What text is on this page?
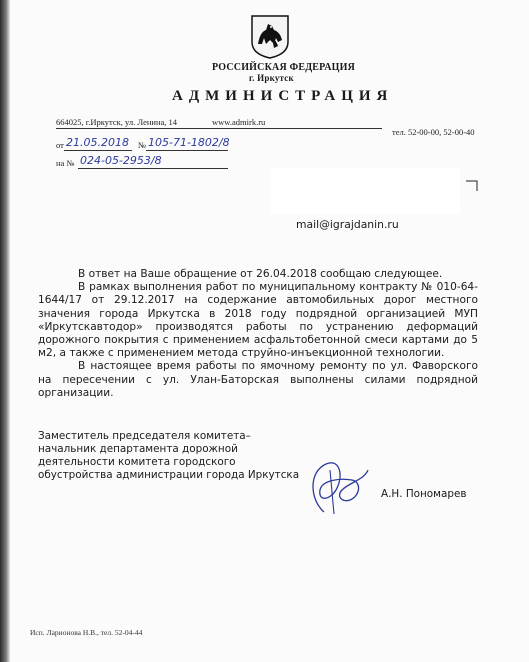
РОССИЙСКАЯ ФЕДЕРАЦИЯ
г. Иркутск
АДМИНИСТРАЦИЯ
664025, г.Иркутск, ул. Ленина, 14	www.admirk.ru
тел. 52-00-00, 52-00-40
от 21.05.2018 № 105-71-1802/8
на № 024-05-2953/8
mail@igrajdanin.ru

В ответ на Ваше обращение от 26.04.2018 сообщаю следующее.

В рамках выполнения работ по муниципальному контракту № 010-64-1644/17 от 29.12.2017 на содержание автомобильных дорог местного значения города Иркутска в 2018 году подрядной организацией МУП «Иркутскавтодор» производятся работы по устранению деформаций дорожного покрытия с применением асфальтобетонной смеси картами до 5 м2, а также с применением метода струйно-инъекционной технологии.

В настоящее время работы по ямочному ремонту по ул. Фаворского на пересечении с ул. Улан-Баторская выполнены силами подрядной организации.

Заместитель председателя комитета–
начальник департамента дорожной
деятельности комитета городского
обустройства администрации города Иркутска
А.Н. Пономарев
Исп. Ларионова Н.В., тел. 52-04-44
